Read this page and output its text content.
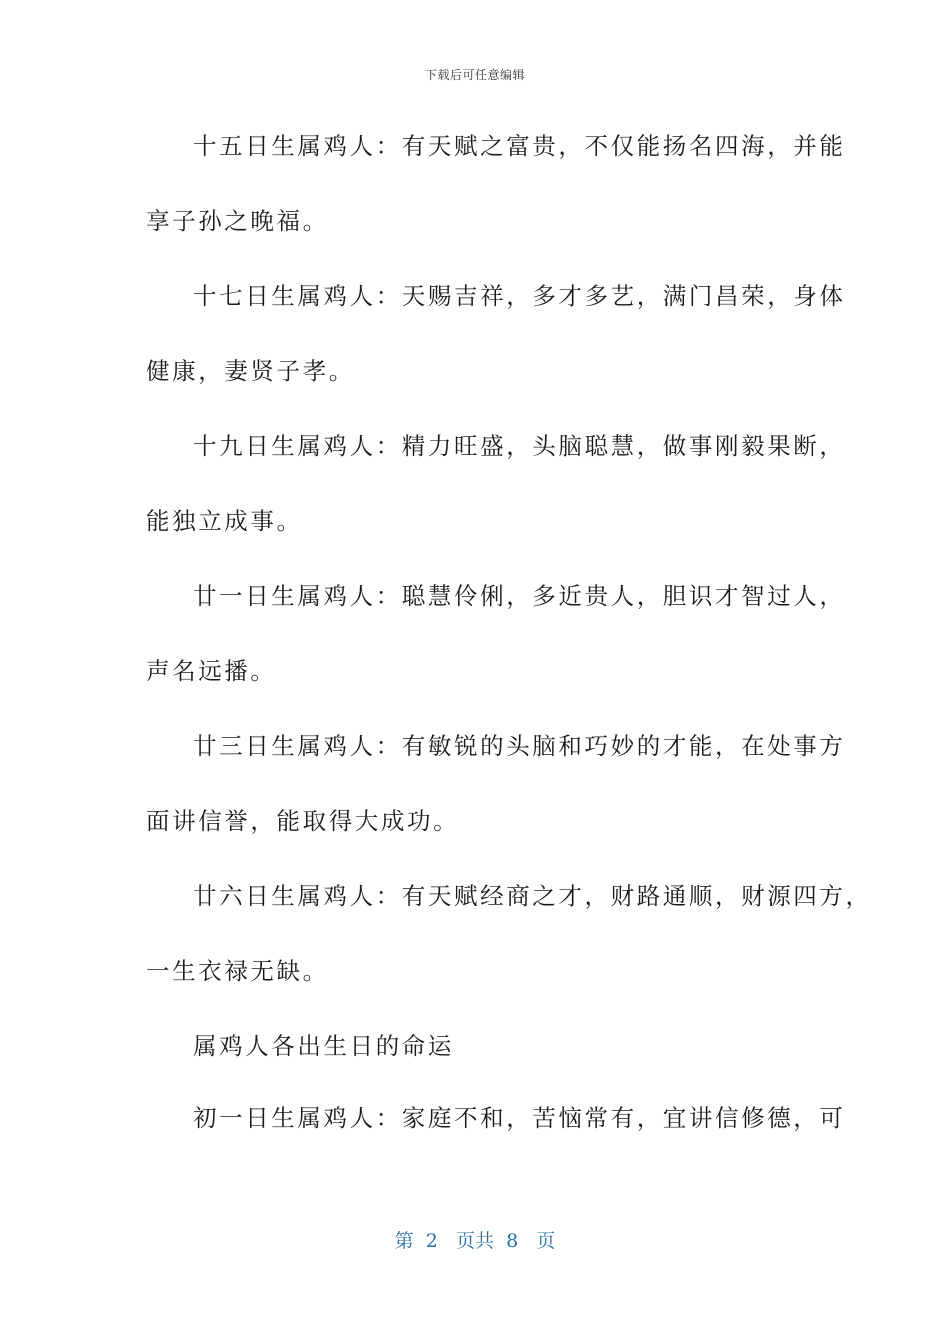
下载后可任意编辑
十五日生属鸡人：有天赋之富贵，不仅能扬名四海，并能
享子孙之晚福。
十七日生属鸡人：天赐吉祥，多才多艺，满门昌荣，身体
健康，妻贤子孝。
十九日生属鸡人：精力旺盛，头脑聪慧，做事刚毅果断，
能独立成事。
廿一日生属鸡人：聪慧伶俐，多近贵人，胆识才智过人，
声名远播。
廿三日生属鸡人：有敏锐的头脑和巧妙的才能，在处事方
面讲信誉，能取得大成功。
廿六日生属鸡人：有天赋经商之才，财路通顺，财源四方，
一生衣禄无缺。
属鸡人各出生日的命运
初一日生属鸡人：家庭不和，苦恼常有，宜讲信修德，可
第 2 页共 8 页
